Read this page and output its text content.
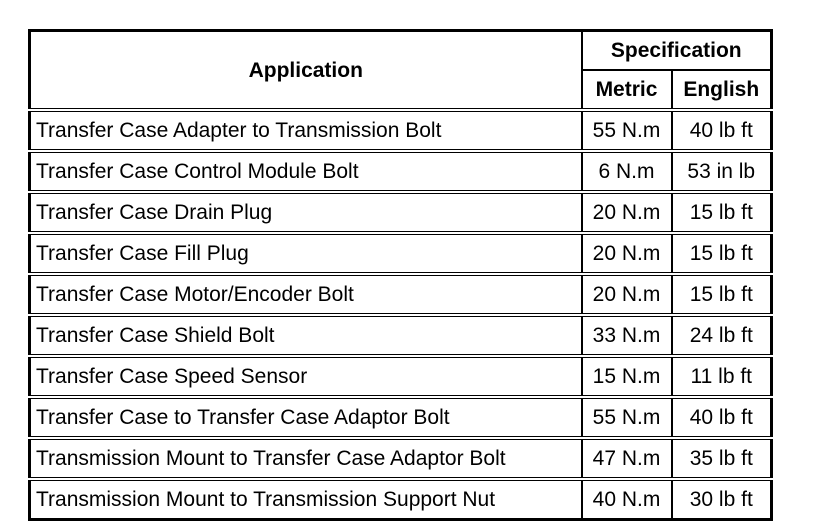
Application	Specification	
	Metric	English
Transfer Case Adapter to Transmission Bolt	55 N.m	40 lb ft
Transfer Case Control Module Bolt	6 N.m	53 in lb
Transfer Case Drain Plug	20 N.m	15 lb ft
Transfer Case Fill Plug	20 N.m	15 lb ft
Transfer Case Motor/Encoder Bolt	20 N.m	15 lb ft
Transfer Case Shield Bolt	33 N.m	24 lb ft
Transfer Case Speed Sensor	15 N.m	11 lb ft
Transfer Case to Transfer Case Adaptor Bolt	55 N.m	40 lb ft
Transmission Mount to Transfer Case Adaptor Bolt	47 N.m	35 lb ft
Transmission Mount to Transmission Support Nut	40 N.m	30 lb ft
